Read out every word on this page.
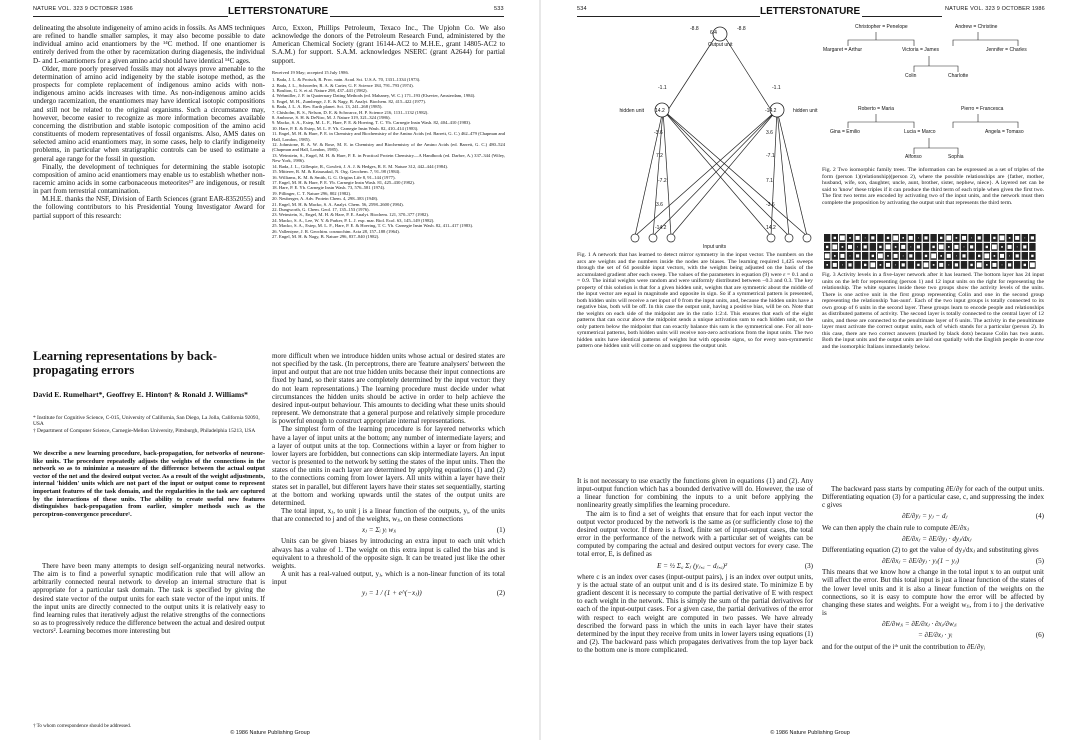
NATURE VOL. 323 9 OCTOBER 1986	LETTERSTONATURE	533

delineating the absolute indigeneity of amino acids in fossils. As AMS techniques are refined to handle smaller samples, it may also become possible to date individual amino acid enantiomers by the ¹⁴C method. If one enantiomer is entirely derived from the other by racemization during diagenesis, the individual D- and L-enantiomers for a given amino acid should have identical ¹⁴C ages.

Older, more poorly preserved fossils may not always prove amenable to the determination of amino acid indigeneity by the stable isotope method, as the prospects for complete replacement of indigenous amino acids with non-indigenous amino acids increases with time. As non-indigenous amino acids undergo racemization, the enantiomers may have identical isotopic compositions and still not be related to the original organisms. Such a circumstance may, however, become easier to recognize as more information becomes available concerning the distribution and stable isotopic composition of the amino acid constituents of modern representatives of fossil organisms. Also, AMS dates on selected amino acid enantiomers may, in some cases, help to clarify indigeneity problems, in particular when stratigraphic controls can be used to estimate a general age range for the fossil in question.

Finally, the development of techniques for determining the stable isotopic composition of amino acid enantiomers may enable us to establish whether non-racemic amino acids in some carbonaceous meteorites¹⁷ are indigenous, or result in part from terrestrial contamination.

M.H.E. thanks the NSF, Division of Earth Sciences (grant EAR-8352055) and the following contributors to his Presidential Young Investigator Award for partial support of this research:

Arco, Exxon, Phillips Petroleum, Texaco Inc., The Upjohn Co. We also acknowledge the donors of the Petroleum Research Fund, administered by the American Chemical Society (grant 16144-AC2 to M.H.E., grant 14805-AC2 to S.A.M.) for support. S.A.M. acknowledges NSERC (grant A2644) for partial support.

Received 19 May; accepted 15 July 1986.
1. Bada, J. L. & Protsch, R. Proc. natn. Acad. Sci. U.S.A. 70, 1331–1334 (1973).
2. Bada, J. L., Schroeder, R. A. & Carter, G. F. Science 184, 791–793 (1974).
3. Boulton, G. S. et al. Nature 298, 437–441 (1982).
4. Wehmiller, J. F. in Quaternary Dating Methods (ed. Mahaney, W. C.) 171–193 (Elsevier, Amsterdam, 1984).
5. Engel, M. H., Zumberge, J. E. & Nagy, B. Analyt. Biochem. 82, 415–422 (1977).
6. Bada, J. L. A. Rev. Earth planet. Sci. 13, 241–268 (1985).
7. Chisholm, B. S., Nelson, D. E. & Schwarcz, H. P. Science 216, 1131–1132 (1982).
8. Ambrose, S. H. & DeNiro, M. J. Nature 319, 321–324 (1986).
9. Macko, S. A., Estep, M. L. F., Hare, P. E. & Hoering, T. C. Yb. Carnegie Instn Wash. 82, 404–410 (1983).
10. Hare, P. E. & Estep, M. L. F. Yb. Carnegie Instn Wash. 82, 410–414 (1983).
11. Engel, M. H. & Hare, P. E. in Chemistry and Biochemistry of the Amino Acids (ed. Barrett, G. C.) 462–479 (Chapman and Hall, London, 1985).
12. Johnstone, R. A. W. & Rose, M. E. in Chemistry and Biochemistry of the Amino Acids (ed. Barrett, G. C.) 480–524 (Chapman and Hall, London, 1985).
13. Weinstein, S., Engel, M. H. & Hare, P. E. in Practical Protein Chemistry—A Handbook (ed. Darbre, A.) 337–344 (Wiley, New York, 1986).
14. Bada, J. L., Gillespie, R., Gowlett, J. A. J. & Hedges, R. E. M. Nature 312, 442–444 (1984).
15. Mitterer, R. M. & Kriausakul, N. Org. Geochem. 7, 91–98 (1984).
16. Williams, K. M. & Smith, G. G. Origins Life 8, 91–144 (1977).
17. Engel, M. H. & Hare, P. E. Yb. Carnegie Instn Wash. 81, 425–430 (1982).
18. Hare, P. E. Yb. Carnegie Instn Wash. 73, 576–581 (1974).
19. Pillinger, C. T. Nature 296, 802 (1982).
20. Neuberger, A. Adv. Protein Chem. 4, 298–383 (1948).
21. Engel, M. H. & Macko, S. A. Analyt. Chem. 56, 2598–2600 (1984).
22. Dungworth, G. Chem. Geol. 17, 135–153 (1976).
23. Weinstein, S., Engel, M. H. & Hare, P. E. Analyt. Biochem. 121, 370–377 (1982).
24. Macko, S. A., Lee, W. Y. & Parker, P. L. J. exp. mar. Biol. Ecol. 63, 145–149 (1982).
25. Macko, S. A., Estep, M. L. F., Hare, P. E. & Hoering, T. C. Yb. Carnegie Instn Wash. 82, 411–417 (1983).
26. Vallentyne, J. R. Geochim. cosmochim. Acta 28, 157–188 (1964).
27. Engel, M. H. & Nagy, B. Nature 296, 837–840 (1982).
Learning representations by back-propagating errors
David E. Rumelhart*, Geoffrey E. Hinton† & Ronald J. Williams*
* Institute for Cognitive Science, C-015, University of California, San Diego, La Jolla, California 92093, USA
† Department of Computer Science, Carnegie-Mellon University, Pittsburgh, Philadelphia 15213, USA
We describe a new learning procedure, back-propagation, for networks of neurone-like units. The procedure repeatedly adjusts the weights of the connections in the network so as to minimize a measure of the difference between the actual output vector of the net and the desired output vector. As a result of the weight adjustments, internal 'hidden' units which are not part of the input or output come to represent important features of the task domain, and the regularities in the task are captured by the interactions of these units. The ability to create useful new features distinguishes back-propagation from earlier, simpler methods such as the perceptron-convergence procedure¹.

There have been many attempts to design self-organizing neural networks. The aim is to find a powerful synaptic modification rule that will allow an arbitrarily connected neural network to develop an internal structure that is appropriate for a particular task domain. The task is specified by giving the desired state vector of the output units for each state vector of the input units. If the input units are directly connected to the output units it is relatively easy to find learning rules that iteratively adjust the relative strengths of the connections so as to progressively reduce the difference between the actual and desired output vectors². Learning becomes more interesting but

† To whom correspondence should be addressed.

more difficult when we introduce hidden units whose actual or desired states are not specified by the task. (In perceptrons, there are 'feature analysers' between the input and output that are not true hidden units because their input connections are fixed by hand, so their states are completely determined by the input vector: they do not learn representations.) The learning procedure must decide under what circumstances the hidden units should be active in order to help achieve the desired input-output behaviour. This amounts to deciding what these units should represent. We demonstrate that a general purpose and relatively simple procedure is powerful enough to construct appropriate internal representations.

The simplest form of the learning procedure is for layered networks which have a layer of input units at the bottom; any number of intermediate layers; and a layer of output units at the top. Connections within a layer or from higher to lower layers are forbidden, but connections can skip intermediate layers. An input vector is presented to the network by setting the states of the input units. Then the states of the units in each layer are determined by applying equations (1) and (2) to the connections coming from lower layers. All units within a layer have their states set in parallel, but different layers have their states set sequentially, starting at the bottom and working upwards until the states of the output units are determined.

The total input, xⱼ, to unit j is a linear function of the outputs, yᵢ, of the units that are connected to j and of the weights, wⱼᵢ, on these connections

xⱼ = Σᵢ yᵢ wⱼᵢ	(1)

Units can be given biases by introducing an extra input to each unit which always has a value of 1. The weight on this extra input is called the bias and is equivalent to a threshold of the opposite sign. It can be treated just like the other weights.

A unit has a real-valued output, yⱼ, which is a non-linear function of its total input

yⱼ = 1 / (1 + e^(−xⱼ))	(2)
© 1986 Nature Publishing Group
534	LETTERSTONATURE	NATURE VOL. 323 9 OCTOBER 1986
6.4
-8.8	-8.8
Output unit
14.2
-3.6
7.2
-7.2
3.6
-14.2
-14.2
3.6
-7.1
7.1
-3.6
14.2
-1.1	-1.1
hidden unit	hidden unit
Input units
Fig. 1 A network that has learned to detect mirror symmetry in the input vector. The numbers on the arcs are weights and the numbers inside the nodes are biases. The learning required 1,425 sweeps through the set of 64 possible input vectors, with the weights being adjusted on the basis of the accumulated gradient after each sweep. The values of the parameters in equation (9) were ε = 0.1 and α = 0.9. The initial weights were random and were uniformly distributed between −0.3 and 0.3. The key property of this solution is that for a given hidden unit, weights that are symmetric about the middle of the input vector are equal in magnitude and opposite in sign. So if a symmetrical pattern is presented, both hidden units will receive a net input of 0 from the input units, and, because the hidden units have a negative bias, both will be off. In this case the output unit, having a positive bias, will be on. Note that the weights on each side of the midpoint are in the ratio 1:2:4. This ensures that each of the eight patterns that can occur above the midpoint sends a unique activation sum to each hidden unit, so the only pattern below the midpoint that can exactly balance this sum is the symmetrical one. For all non-symmetrical patterns, both hidden units will receive non-zero activations from the input units. The two hidden units have identical patterns of weights but with opposite signs, so for every non-symmetric pattern one hidden unit will come on and suppress the output unit.
Christopher = Penelope	Andrew = Christine
Margaret = Arthur	Victoria = James	Jennifer = Charles
Colin	Charlotte
Roberto = Maria	Pierro = Francesca
Gina = Emilio	Lucia = Marco	Angela = Tomaso
Alfonso	Sophia
Fig. 2 Two isomorphic family trees. The information can be expressed as a set of triples of the form (person 1)(relationship)(person 2), where the possible relationships are {father, mother, husband, wife, son, daughter, uncle, aunt, brother, sister, nephew, niece}. A layered net can be said to 'know' these triples if it can produce the third term of each triple when given the first two. The first two terms are encoded by activating two of the input units, and the network must then complete the proposition by activating the output unit that represents the third term.
Fig. 3 Activity levels in a five-layer network after it has learned. The bottom layer has 24 input units on the left for representing (person 1) and 12 input units on the right for representing the relationship. The white squares inside these two groups show the activity levels of the units. There is one active unit in the first group representing Colin and one in the second group representing the relationship 'has-aunt'. Each of the two input groups is totally connected to its own group of 6 units in the second layer. These groups learn to encode people and relationships as distributed patterns of activity. The second layer is totally connected to the central layer of 12 units, and these are connected to the penultimate layer of 6 units. The activity in the penultimate layer must activate the correct output units, each of which stands for a particular (person 2). In this case, there are two correct answers (marked by black dots) because Colin has two aunts. Both the input units and the output units are laid out spatially with the English people in one row and the isomorphic Italians immediately below.

It is not necessary to use exactly the functions given in equations (1) and (2). Any input-output function which has a bounded derivative will do. However, the use of a linear function for combining the inputs to a unit before applying the nonlinearity greatly simplifies the learning procedure.

The aim is to find a set of weights that ensure that for each input vector the output vector produced by the network is the same as (or sufficiently close to) the desired output vector. If there is a fixed, finite set of input-output cases, the total error in the performance of the network with a particular set of weights can be computed by comparing the actual and desired output vectors for every case. The total error, E, is defined as

E = ½ Σ꜀ Σⱼ (yⱼ,꜀ − dⱼ,꜀)²	(3)

where c is an index over cases (input-output pairs), j is an index over output units, y is the actual state of an output unit and d is its desired state. To minimize E by gradient descent it is necessary to compute the partial derivative of E with respect to each weight in the network. This is simply the sum of the partial derivatives for each of the input-output cases. For a given case, the partial derivatives of the error with respect to each weight are computed in two passes. We have already described the forward pass in which the units in each layer have their states determined by the input they receive from units in lower layers using equations (1) and (2). The backward pass which propagates derivatives from the top layer back to the bottom one is more complicated.

The backward pass starts by computing ∂E/∂y for each of the output units. Differentiating equation (3) for a particular case, c, and suppressing the index c gives

∂E/∂yⱼ = yⱼ − dⱼ	(4)

We can then apply the chain rule to compute ∂E/∂xⱼ

∂E/∂xⱼ = ∂E/∂yⱼ · dyⱼ/dxⱼ

Differentiating equation (2) to get the value of dyⱼ/dxⱼ and substituting gives

∂E/∂xⱼ = ∂E/∂yⱼ · yⱼ(1 − yⱼ)	(5)

This means that we know how a change in the total input x to an output unit will affect the error. But this total input is just a linear function of the states of the lower level units and it is also a linear function of the weights on the connections, so it is easy to compute how the error will be affected by changing these states and weights. For a weight wⱼᵢ, from i to j the derivative is

∂E/∂wⱼᵢ = ∂E/∂xⱼ · ∂xⱼ/∂wⱼᵢ
= ∂E/∂xⱼ · yᵢ	(6)

and for the output of the iᵗʰ unit the contribution to ∂E/∂yᵢ

© 1986 Nature Publishing Group
